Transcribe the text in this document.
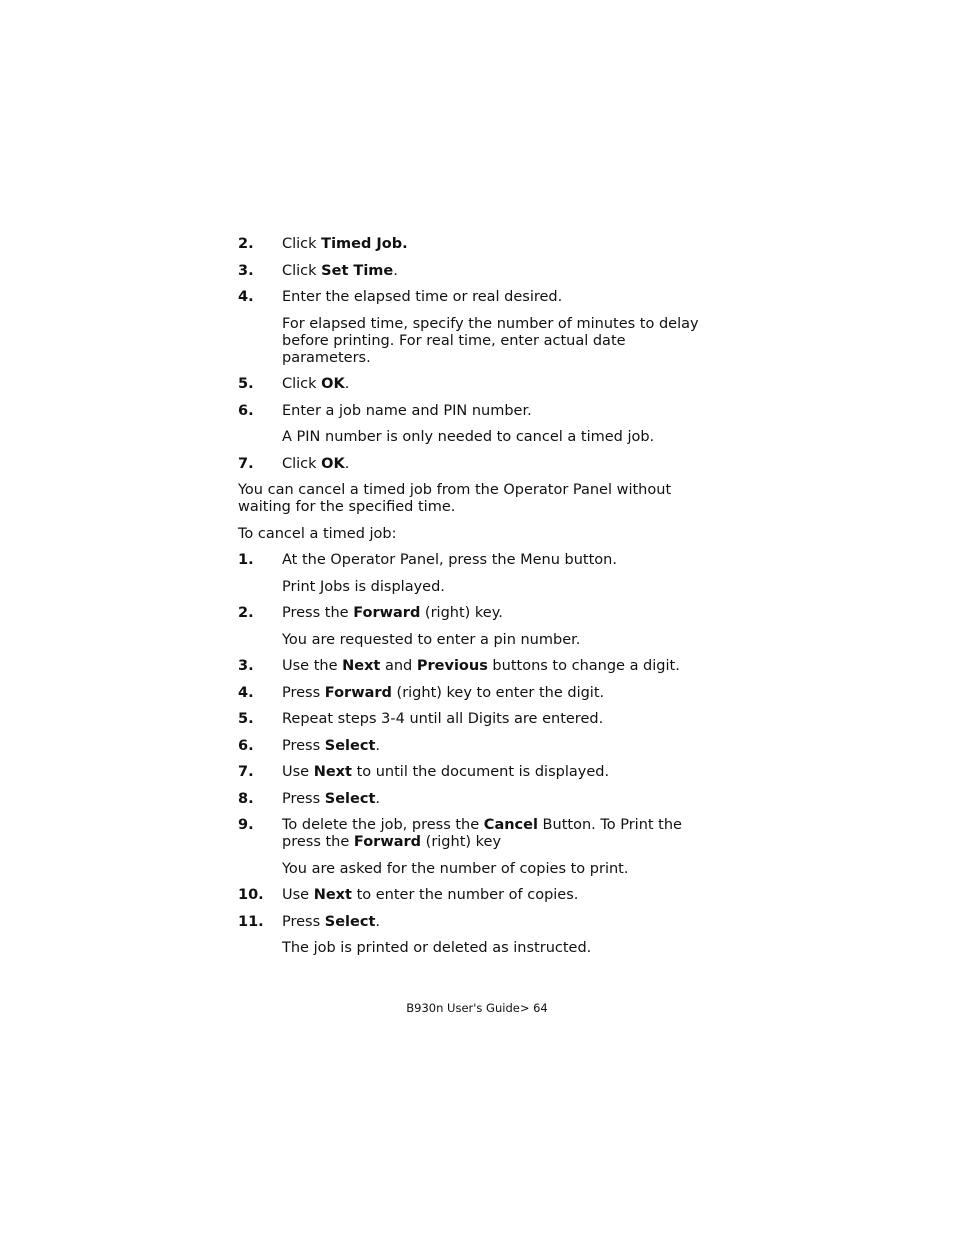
2.	Click Timed Job.
3.	Click Set Time.
4.	Enter the elapsed time or real desired.

For elapsed time, specify the number of minutes to delay before printing. For real time, enter actual date parameters.

5.	Click OK.
6.	Enter a job name and PIN number.

A PIN number is only needed to cancel a timed job.

7.	Click OK.

You can cancel a timed job from the Operator Panel without waiting for the specified time.

To cancel a timed job:

1.	At the Operator Panel, press the Menu button.

Print Jobs is displayed.

2.	Press the Forward (right) key.

You are requested to enter a pin number.

3.	Use the Next and Previous buttons to change a digit.
4.	Press Forward (right) key to enter the digit.
5.	Repeat steps 3-4 until all Digits are entered.
6.	Press Select.
7.	Use Next to until the document is displayed.
8.	Press Select.
9.	To delete the job, press the Cancel Button. To Print the press the Forward (right) key

You are asked for the number of copies to print.

10.	Use Next to enter the number of copies.
11.	Press Select.

The job is printed or deleted as instructed.

B930n User's Guide> 64
